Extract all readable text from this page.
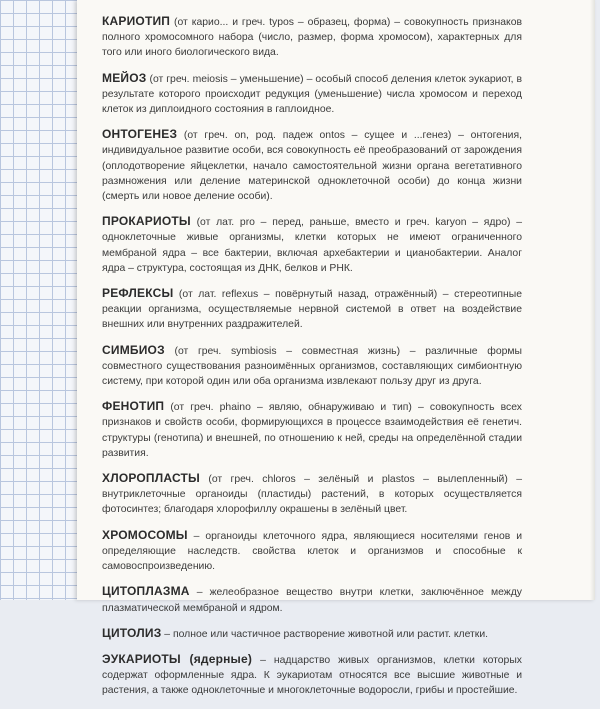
КАРИОТИП (от карио... и греч. typos – образец, форма) – совокупность признаков полного хромосомного набора (число, размер, форма хромосом), характерных для того или иного биологического вида.

МЕЙОЗ (от греч. meiosis – уменьшение) – особый способ деления клеток эукариот, в результате которого происходит редукция (уменьшение) числа хромосом и переход клеток из диплоидного состояния в гаплоидное.

ОНТОГЕНЕЗ (от греч. on, род. падеж ontos – сущее и ...генез) – онтогения, индивидуальное развитие особи, вся совокупность её преобразований от зарождения (оплодотворение яйцеклетки, начало самостоятельной жизни органа вегетативного размножения или деление материнской одноклеточной особи) до конца жизни (смерть или новое деление особи).

ПРОКАРИОТЫ (от лат. pro – перед, раньше, вместо и греч. karyon – ядро) – одноклеточные живые организмы, клетки которых не имеют ограниченного мембраной ядра – все бактерии, включая архебактерии и цианобактерии. Аналог ядра – структура, состоящая из ДНК, белков и РНК.

РЕФЛЕКСЫ (от лат. reflexus – повёрнутый назад, отражённый) – стереотипные реакции организма, осуществляемые нервной системой в ответ на воздействие внешних или внутренних раздражителей.

СИМБИОЗ (от греч. symbiosis – совместная жизнь) – различные формы совместного существования разноимённых организмов, составляющих симбионтную систему, при которой один или оба организма извлекают пользу друг из друга.

ФЕНОТИП (от греч. phaino – являю, обнаруживаю и тип) – совокупность всех признаков и свойств особи, формирующихся в процессе взаимодействия её генетич. структуры (генотипа) и внешней, по отношению к ней, среды на определённой стадии развития.

ХЛОРОПЛАСТЫ (от греч. chloros – зелёный и plastos – вылепленный) – внутриклеточные органоиды (пластиды) растений, в которых осуществляется фотосинтез; благодаря хлорофиллу окрашены в зелёный цвет.

ХРОМОСОМЫ – органоиды клеточного ядра, являющиеся носителями генов и определяющие наследств. свойства клеток и организмов и способные к самовоспроизведению.

ЦИТОПЛАЗМА – желеобразное вещество внутри клетки, заключённое между плазматической мембраной и ядром.

ЦИТОЛИЗ – полное или частичное растворение животной или растит. клетки.

ЭУКАРИОТЫ (ядерные) – надцарство живых организмов, клетки которых содержат оформленные ядра. К эукариотам относятся все высшие животные и растения, а также одноклеточные и многоклеточные водоросли, грибы и простейшие.
